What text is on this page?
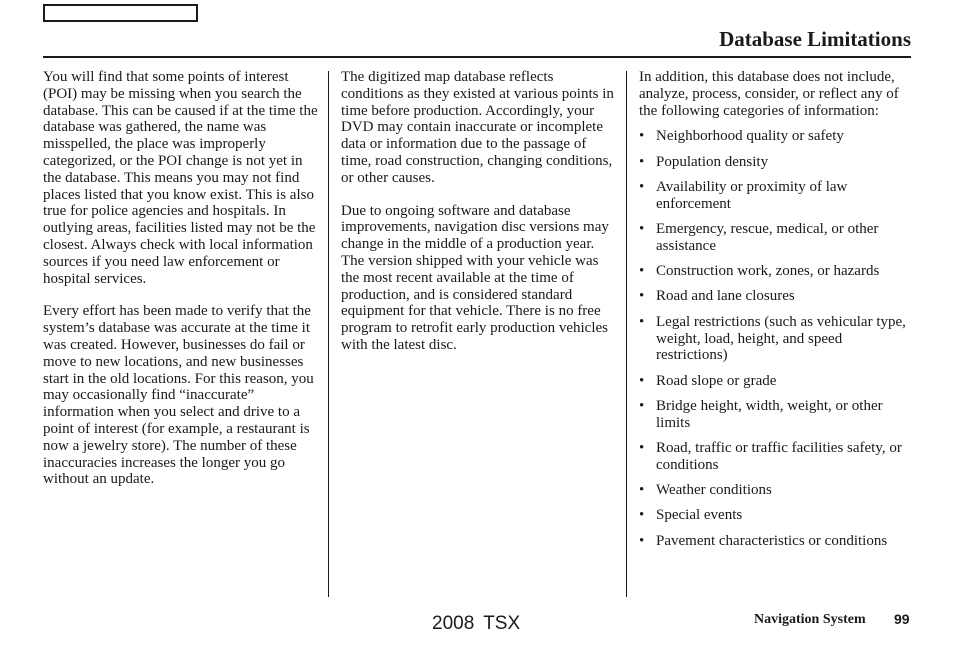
Database Limitations

You will find that some points of interest (POI) may be missing when you search the database. This can be caused if at the time the database was gathered, the name was misspelled, the place was improperly categorized, or the POI change is not yet in the database. This means you may not find places listed that you know exist. This is also true for police agencies and hospitals. In outlying areas, facilities listed may not be the closest. Always check with local information sources if you need law enforcement or hospital services.

Every effort has been made to verify that the system’s database was accurate at the time it was created. However, businesses do fail or move to new locations, and new businesses start in the old locations. For this reason, you may occasionally find “inaccurate” information when you select and drive to a point of interest (for example, a restaurant is now a jewelry store). The number of these inaccuracies increases the longer you go without an update.

The digitized map database reflects conditions as they existed at various points in time before production. Accordingly, your DVD may contain inaccurate or incomplete data or information due to the passage of time, road construction, changing conditions, or other causes.

Due to ongoing software and database improvements, navigation disc versions may change in the middle of a production year. The version shipped with your vehicle was the most recent available at the time of production, and is considered standard equipment for that vehicle. There is no free program to retrofit early production vehicles with the latest disc.

In addition, this database does not include, analyze, process, consider, or reflect any of the following categories of information:

• Neighborhood quality or safety
• Population density
• Availability or proximity of law enforcement
• Emergency, rescue, medical, or other assistance
• Construction work, zones, or hazards
• Road and lane closures
• Legal restrictions (such as vehicular type, weight, load, height, and speed restrictions)
• Road slope or grade
• Bridge height, width, weight, or other limits
• Road, traffic or traffic facilities safety, or conditions
• Weather conditions
• Special events
• Pavement characteristics or conditions
2008 TSX	Navigation System 99
